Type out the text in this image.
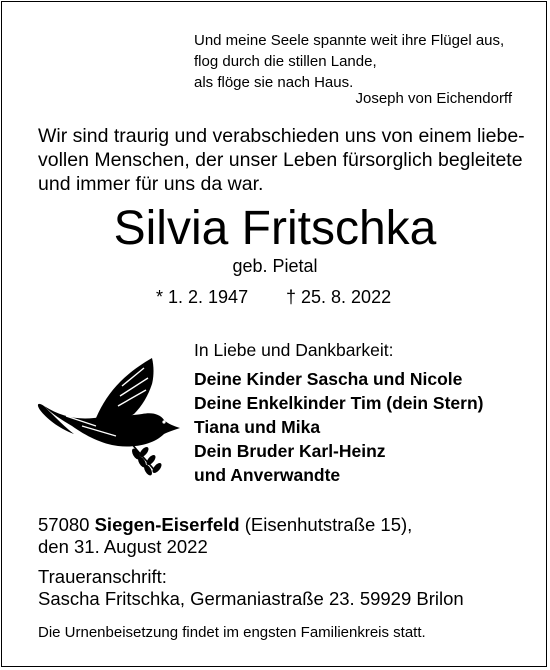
Und meine Seele spannte weit ihre Flügel aus,
flog durch die stillen Lande,
als flöge sie nach Haus.
Joseph von Eichendorff
Wir sind traurig und verabschieden uns von einem liebe-
vollen Menschen, der unser Leben fürsorglich begleitete
und immer für uns da war.
Silvia Fritschka
geb. Pietal
* 1. 2. 1947 † 25. 8. 2022
In Liebe und Dankbarkeit:
Deine Kinder Sascha und Nicole
Deine Enkelkinder Tim (dein Stern)
Tiana und Mika
Dein Bruder Karl-Heinz
und Anverwandte
57080 Siegen-Eiserfeld (Eisenhutstraße 15),
den 31. August 2022
Traueranschrift:
Sascha Fritschka, Germaniastraße 23. 59929 Brilon
Die Urnenbeisetzung findet im engsten Familienkreis statt.
